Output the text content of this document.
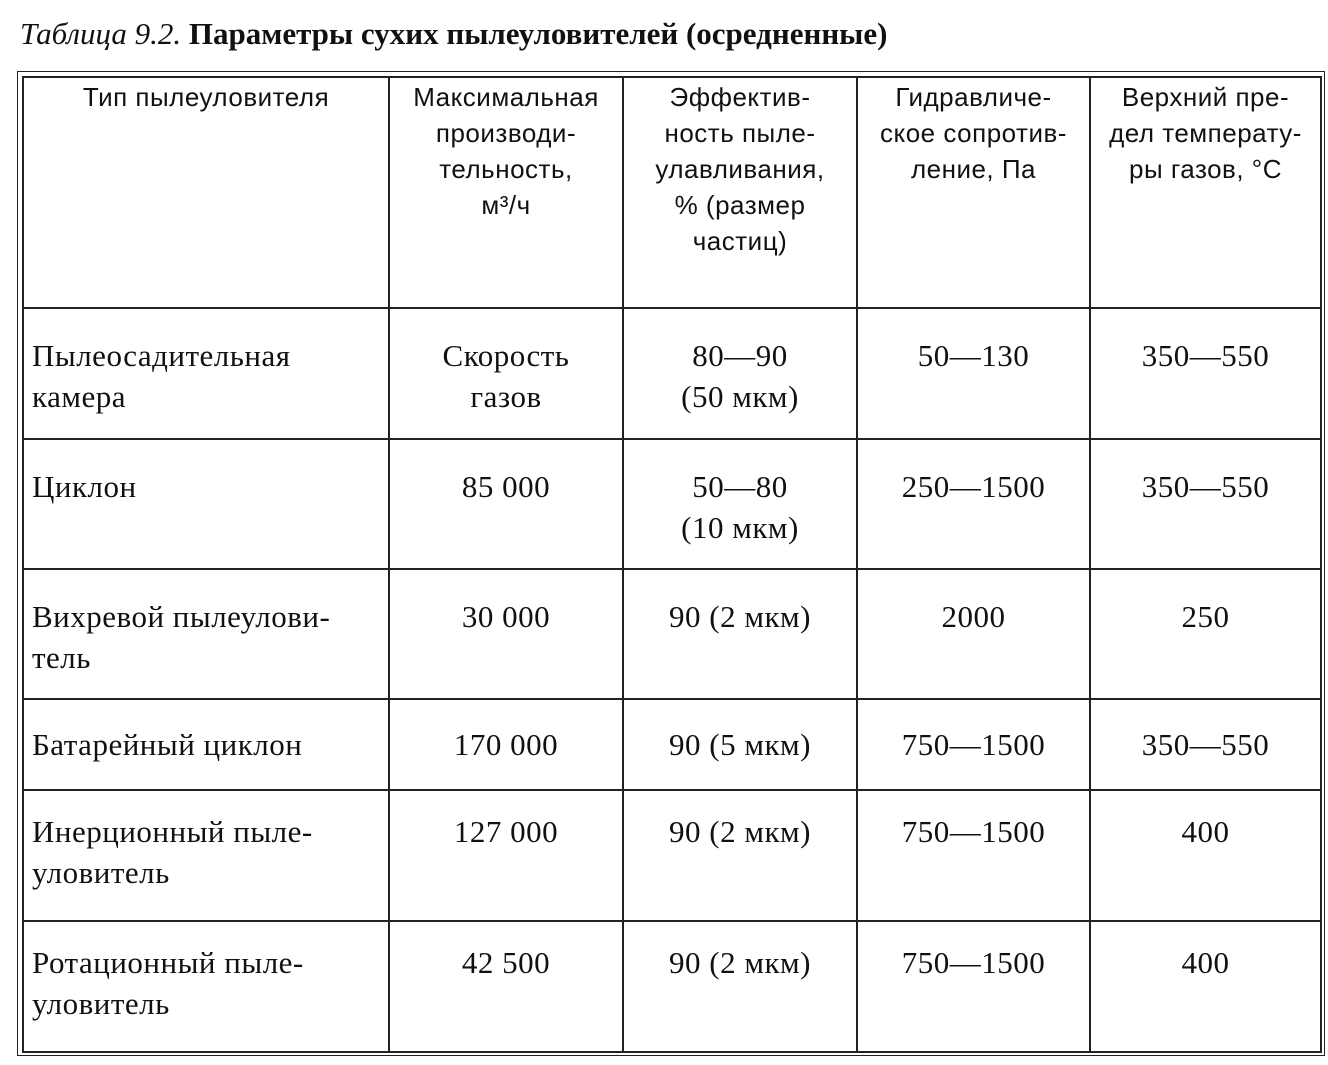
Таблица 9.2. Параметры сухих пылеуловителей (осредненные)
Тип пылеуловителя	Максимальная
производи-
тельность,
м³/ч	Эффектив-
ность пыле-
улавливания,
% (размер
частиц)	Гидравличе-
ское сопротив-
ление, Па	Верхний пре-
дел температу-
ры газов, °С

Пылеосадительная
камера	Скорость
газов	80—90
(50 мкм)	50—130	350—550

Циклон	85 000	50—80
(10 мкм)	250—1500	350—550

Вихревой пылеулови-
тель	30 000	90 (2 мкм)	2000	250

Батарейный циклон	170 000	90 (5 мкм)	750—1500	350—550

Инерционный пыле-
уловитель	127 000	90 (2 мкм)	750—1500	400

Ротационный пыле-
уловитель	42 500	90 (2 мкм)	750—1500	400
